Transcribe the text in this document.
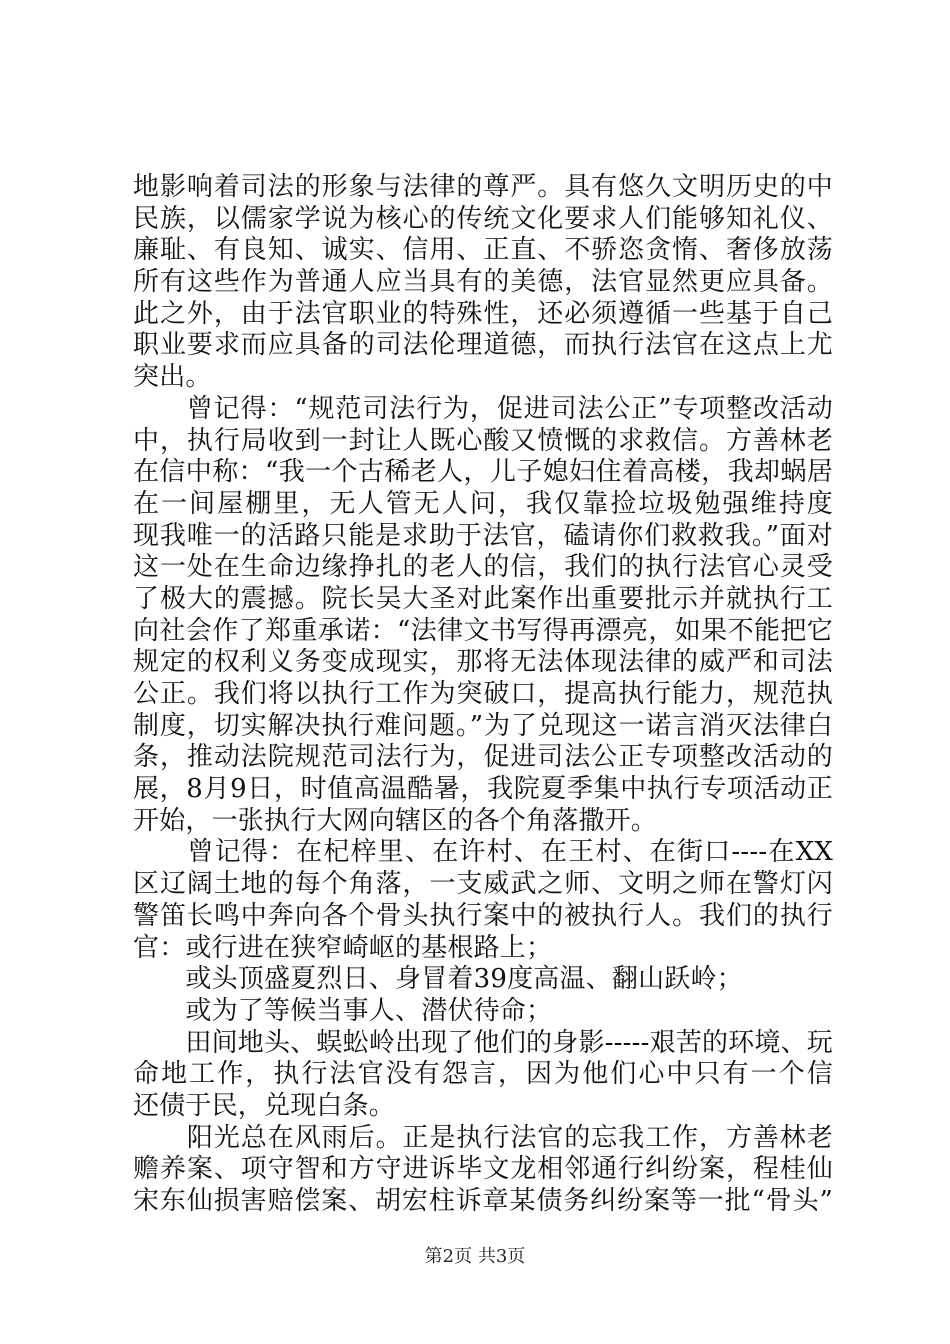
地影响着司法的形象与法律的尊严。具有悠久文明历史的中
民族，以儒家学说为核心的传统文化要求人们能够知礼仪、
廉耻、有良知、诚实、信用、正直、不骄恣贪惰、奢侈放荡
所有这些作为普通人应当具有的美德，法官显然更应具备。
此之外，由于法官职业的特殊性，还必须遵循一些基于自己
职业要求而应具备的司法伦理道德，而执行法官在这点上尤
突出。
　　曾记得：“规范司法行为，促进司法公正”专项整改活动
中，执行局收到一封让人既心酸又愤慨的求救信。方善林老
在信中称：“我一个古稀老人，儿子媳妇住着高楼，我却蜗居
在一间屋棚里，无人管无人问，我仅靠捡垃圾勉强维持度
现我唯一的活路只能是求助于法官，磕请你们救救我。”面对
这一处在生命边缘挣扎的老人的信，我们的执行法官心灵受
了极大的震撼。院长吴大圣对此案作出重要批示并就执行工
向社会作了郑重承诺：“法律文书写得再漂亮，如果不能把它
规定的权利义务变成现实，那将无法体现法律的威严和司法
公正。我们将以执行工作为突破口，提高执行能力，规范执
制度，切实解决执行难问题。”为了兑现这一诺言消灭法律白
条，推动法院规范司法行为，促进司法公正专项整改活动的
展，8月9日，时值高温酷暑，我院夏季集中执行专项活动正
开始，一张执行大网向辖区的各个角落撒开。
　　曾记得：在杞梓里、在许村、在王村、在街口----在XX
区辽阔土地的每个角落，一支威武之师、文明之师在警灯闪
警笛长鸣中奔向各个骨头执行案中的被执行人。我们的执行
官：或行进在狭窄崎岖的基根路上；
　　或头顶盛夏烈日、身冒着39度高温、翻山跃岭；
　　或为了等候当事人、潜伏待命；
　　田间地头、蜈蚣岭出现了他们的身影-----艰苦的环境、玩
命地工作，执行法官没有怨言，因为他们心中只有一个信
还债于民，兑现白条。
　　阳光总在风雨后。正是执行法官的忘我工作，方善林老
赡养案、项守智和方守进诉毕文龙相邻通行纠纷案，程桂仙
宋东仙损害赔偿案、胡宏柱诉章某债务纠纷案等一批“骨头”
第2页 共3页
